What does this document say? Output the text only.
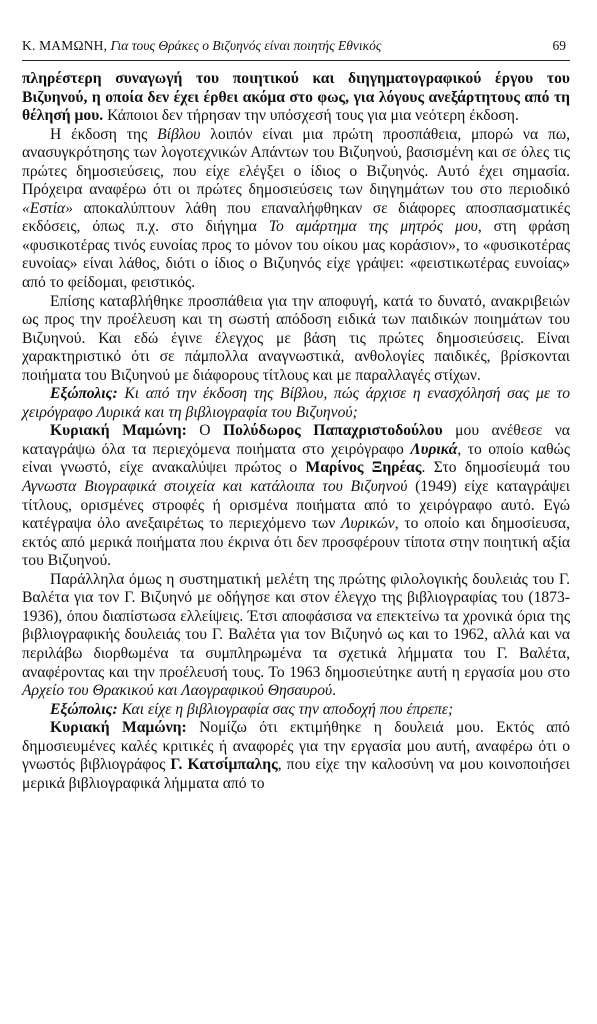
Κ. ΜΑΜΩΝΗ, Για τους Θράκες ο Βιζυηνός είναι ποιητής Εθνικός	69

πληρέστερη συναγωγή του ποιητικού και διηγηματογραφικού έργου του Βιζυηνού, η οποία δεν έχει έρθει ακόμα στο φως, για λόγους ανεξάρτητους από τη θέλησή μου. Κάποιοι δεν τήρησαν την υπόσχεσή τους για μια νεότερη έκδοση.

Η έκδοση της Βίβλου λοιπόν είναι μια πρώτη προσπάθεια, μπορώ να πω, ανασυγκρότησης των λογοτεχνικών Απάντων του Βιζυηνού, βασισμένη και σε όλες τις πρώτες δημοσιεύσεις, που είχε ελέγξει ο ίδιος ο Βιζυηνός. Αυτό έχει σημασία. Πρόχειρα αναφέρω ότι οι πρώτες δημοσιεύσεις των διηγημάτων του στο περιοδικό «Εστία» αποκαλύπτουν λάθη που επαναλήφθηκαν σε διάφορες αποσπασματικές εκδόσεις, όπως π.χ. στο διήγημα Το αμάρτημα της μητρός μου, στη φράση «φυσικοτέρας τινός ευνοίας προς το μόνον του οίκου μας κοράσιον», το «φυσικοτέρας ευνοίας» είναι λάθος, διότι ο ίδιος ο Βιζυηνός είχε γράψει: «φειστικωτέρας ευνοίας» από το φείδομαι, φειστικός.

Επίσης καταβλήθηκε προσπάθεια για την αποφυγή, κατά το δυνατό, ανακριβειών ως προς την προέλευση και τη σωστή απόδοση ειδικά των παιδικών ποιημάτων του Βιζυηνού. Και εδώ έγινε έλεγχος με βάση τις πρώτες δημοσιεύσεις. Είναι χαρακτηριστικό ότι σε πάμπολλα αναγνωστικά, ανθολογίες παιδικές, βρίσκονται ποιήματα του Βιζυηνού με διάφορους τίτλους και με παραλλαγές στίχων.

Εξώπολις: Κι από την έκδοση της Βίβλου, πώς άρχισε η ενασχόλησή σας με το χειρόγραφο Λυρικά και τη βιβλιογραφία του Βιζυηνού;

Κυριακή Μαμώνη: Ο Πολύδωρος Παπαχριστοδούλου μου ανέθεσε να καταγράψω όλα τα περιεχόμενα ποιήματα στο χειρόγραφο Λυρικά, το οποίο καθώς είναι γνωστό, είχε ανακαλύψει πρώτος ο Μαρίνος Ξηρέας. Στο δημοσίευμά του Αγνωστα Βιογραφικά στοιχεία και κατάλοιπα του Βιζυηνού (1949) είχε καταγράψει τίτλους, ορισμένες στροφές ή ορισμένα ποιήματα από το χειρόγραφο αυτό. Εγώ κατέγραψα όλο ανεξαιρέτως το περιεχόμενο των Λυρικών, το οποίο και δημοσίευσα, εκτός από μερικά ποιήματα που έκρινα ότι δεν προσφέρουν τίποτα στην ποιητική αξία του Βιζυηνού.

Παράλληλα όμως η συστηματική μελέτη της πρώτης φιλολογικής δουλειάς του Γ. Βαλέτα για τον Γ. Βιζυηνό με οδήγησε και στον έλεγχο της βιβλιογραφίας του (1873-1936), όπου διαπίστωσα ελλείψεις. Έτσι αποφάσισα να επεκτείνω τα χρονικά όρια της βιβλιογραφικής δουλειάς του Γ. Βαλέτα για τον Βιζυηνό ως και το 1962, αλλά και να περιλάβω διορθωμένα τα συμπληρωμένα τα σχετικά λήμματα του Γ. Βαλέτα, αναφέροντας και την προέλευσή τους. Το 1963 δημοσιεύτηκε αυτή η εργασία μου στο Αρχείο του Θρακικού και Λαογραφικού Θησαυρού.

Εξώπολις: Και είχε η βιβλιογραφία σας την αποδοχή που έπρεπε;

Κυριακή Μαμώνη: Νομίζω ότι εκτιμήθηκε η δουλειά μου. Εκτός από δημοσιευμένες καλές κριτικές ή αναφορές για την εργασία μου αυτή, αναφέρω ότι ο γνωστός βιβλιογράφος Γ. Κατσίμπαλης, που είχε την καλοσύνη να μου κοινοποιήσει μερικά βιβλιογραφικά λήμματα από το
